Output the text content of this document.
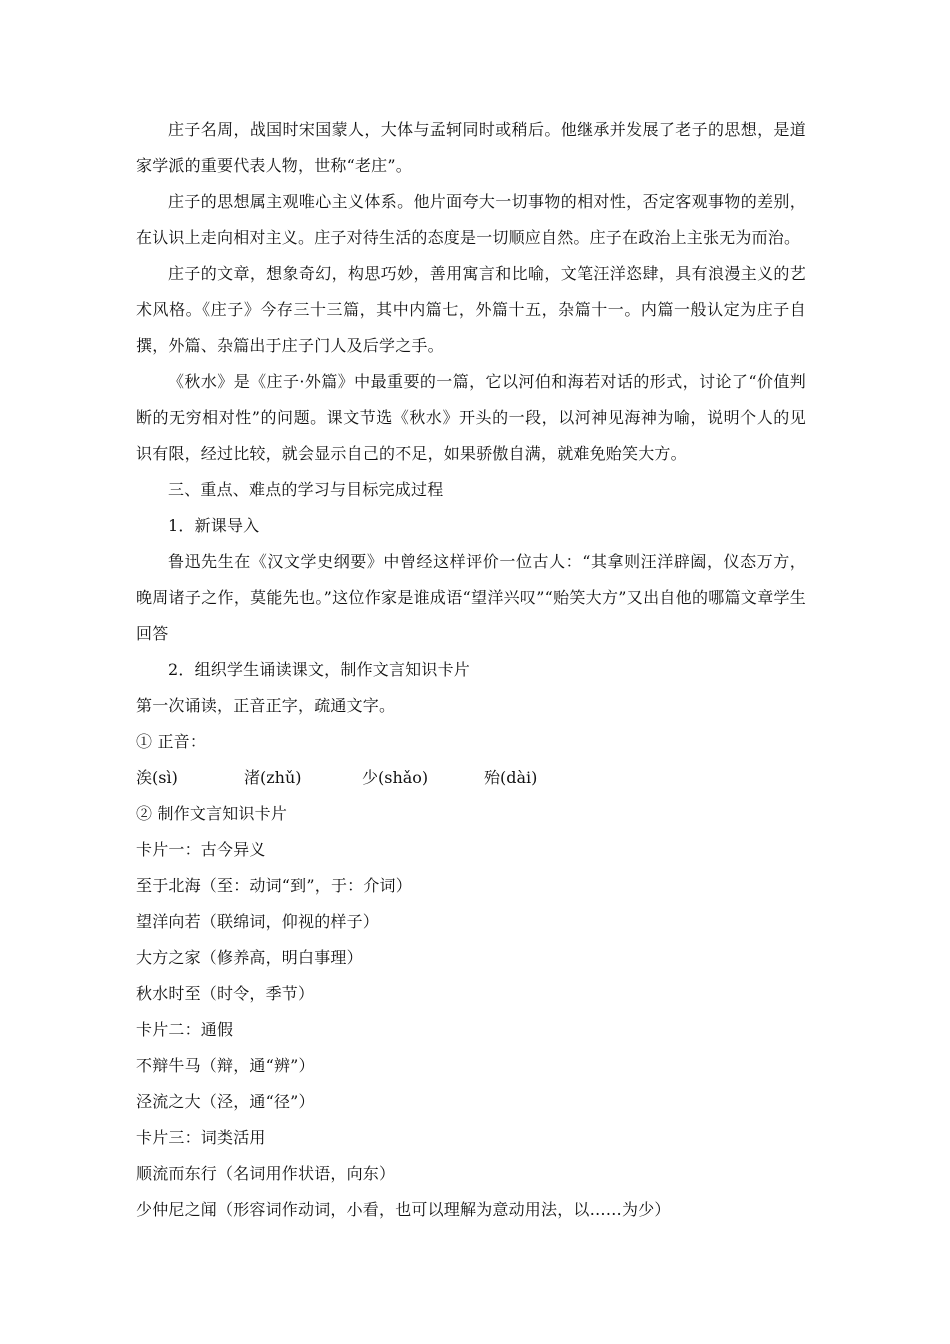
庄子名周，战国时宋国蒙人，大体与孟轲同时或稍后。他继承并发展了老子的思想，是道家学派的重要代表人物，世称“老庄”。

庄子的思想属主观唯心主义体系。他片面夸大一切事物的相对性，否定客观事物的差别，在认识上走向相对主义。庄子对待生活的态度是一切顺应自然。庄子在政治上主张无为而治。

庄子的文章，想象奇幻，构思巧妙，善用寓言和比喻，文笔汪洋恣肆，具有浪漫主义的艺术风格。《庄子》今存三十三篇，其中内篇七，外篇十五，杂篇十一。内篇一般认定为庄子自撰，外篇、杂篇出于庄子门人及后学之手。

《秋水》是《庄子·外篇》中最重要的一篇，它以河伯和海若对话的形式，讨论了“价值判断的无穷相对性”的问题。课文节选《秋水》开头的一段，以河神见海神为喻，说明个人的见识有限，经过比较，就会显示自己的不足，如果骄傲自满，就难免贻笑大方。

三、重点、难点的学习与目标完成过程

1．新课导入

鲁迅先生在《汉文学史纲要》中曾经这样评价一位古人：“其拿则汪洋辟阖，仪态万方，晚周诸子之作，莫能先也。”这位作家是谁成语“望洋兴叹”“贻笑大方”又出自他的哪篇文章学生回答

2．组织学生诵读课文，制作文言知识卡片

第一次诵读，正音正字，疏通文字。

① 正音：

涘(sì)	渚(zhǔ)	少(shǎo)	殆(dài)

② 制作文言知识卡片

卡片一：古今异义

至于北海（至：动词“到”，于：介词）

望洋向若（联绵词，仰视的样子）

大方之家（修养高，明白事理）

秋水时至（时令，季节）

卡片二：通假

不辩牛马（辩，通“辨”）

泾流之大（泾，通“径”）

卡片三：词类活用

顺流而东行（名词用作状语，向东）

少仲尼之闻（形容词作动词，小看，也可以理解为意动用法，以……为少）
